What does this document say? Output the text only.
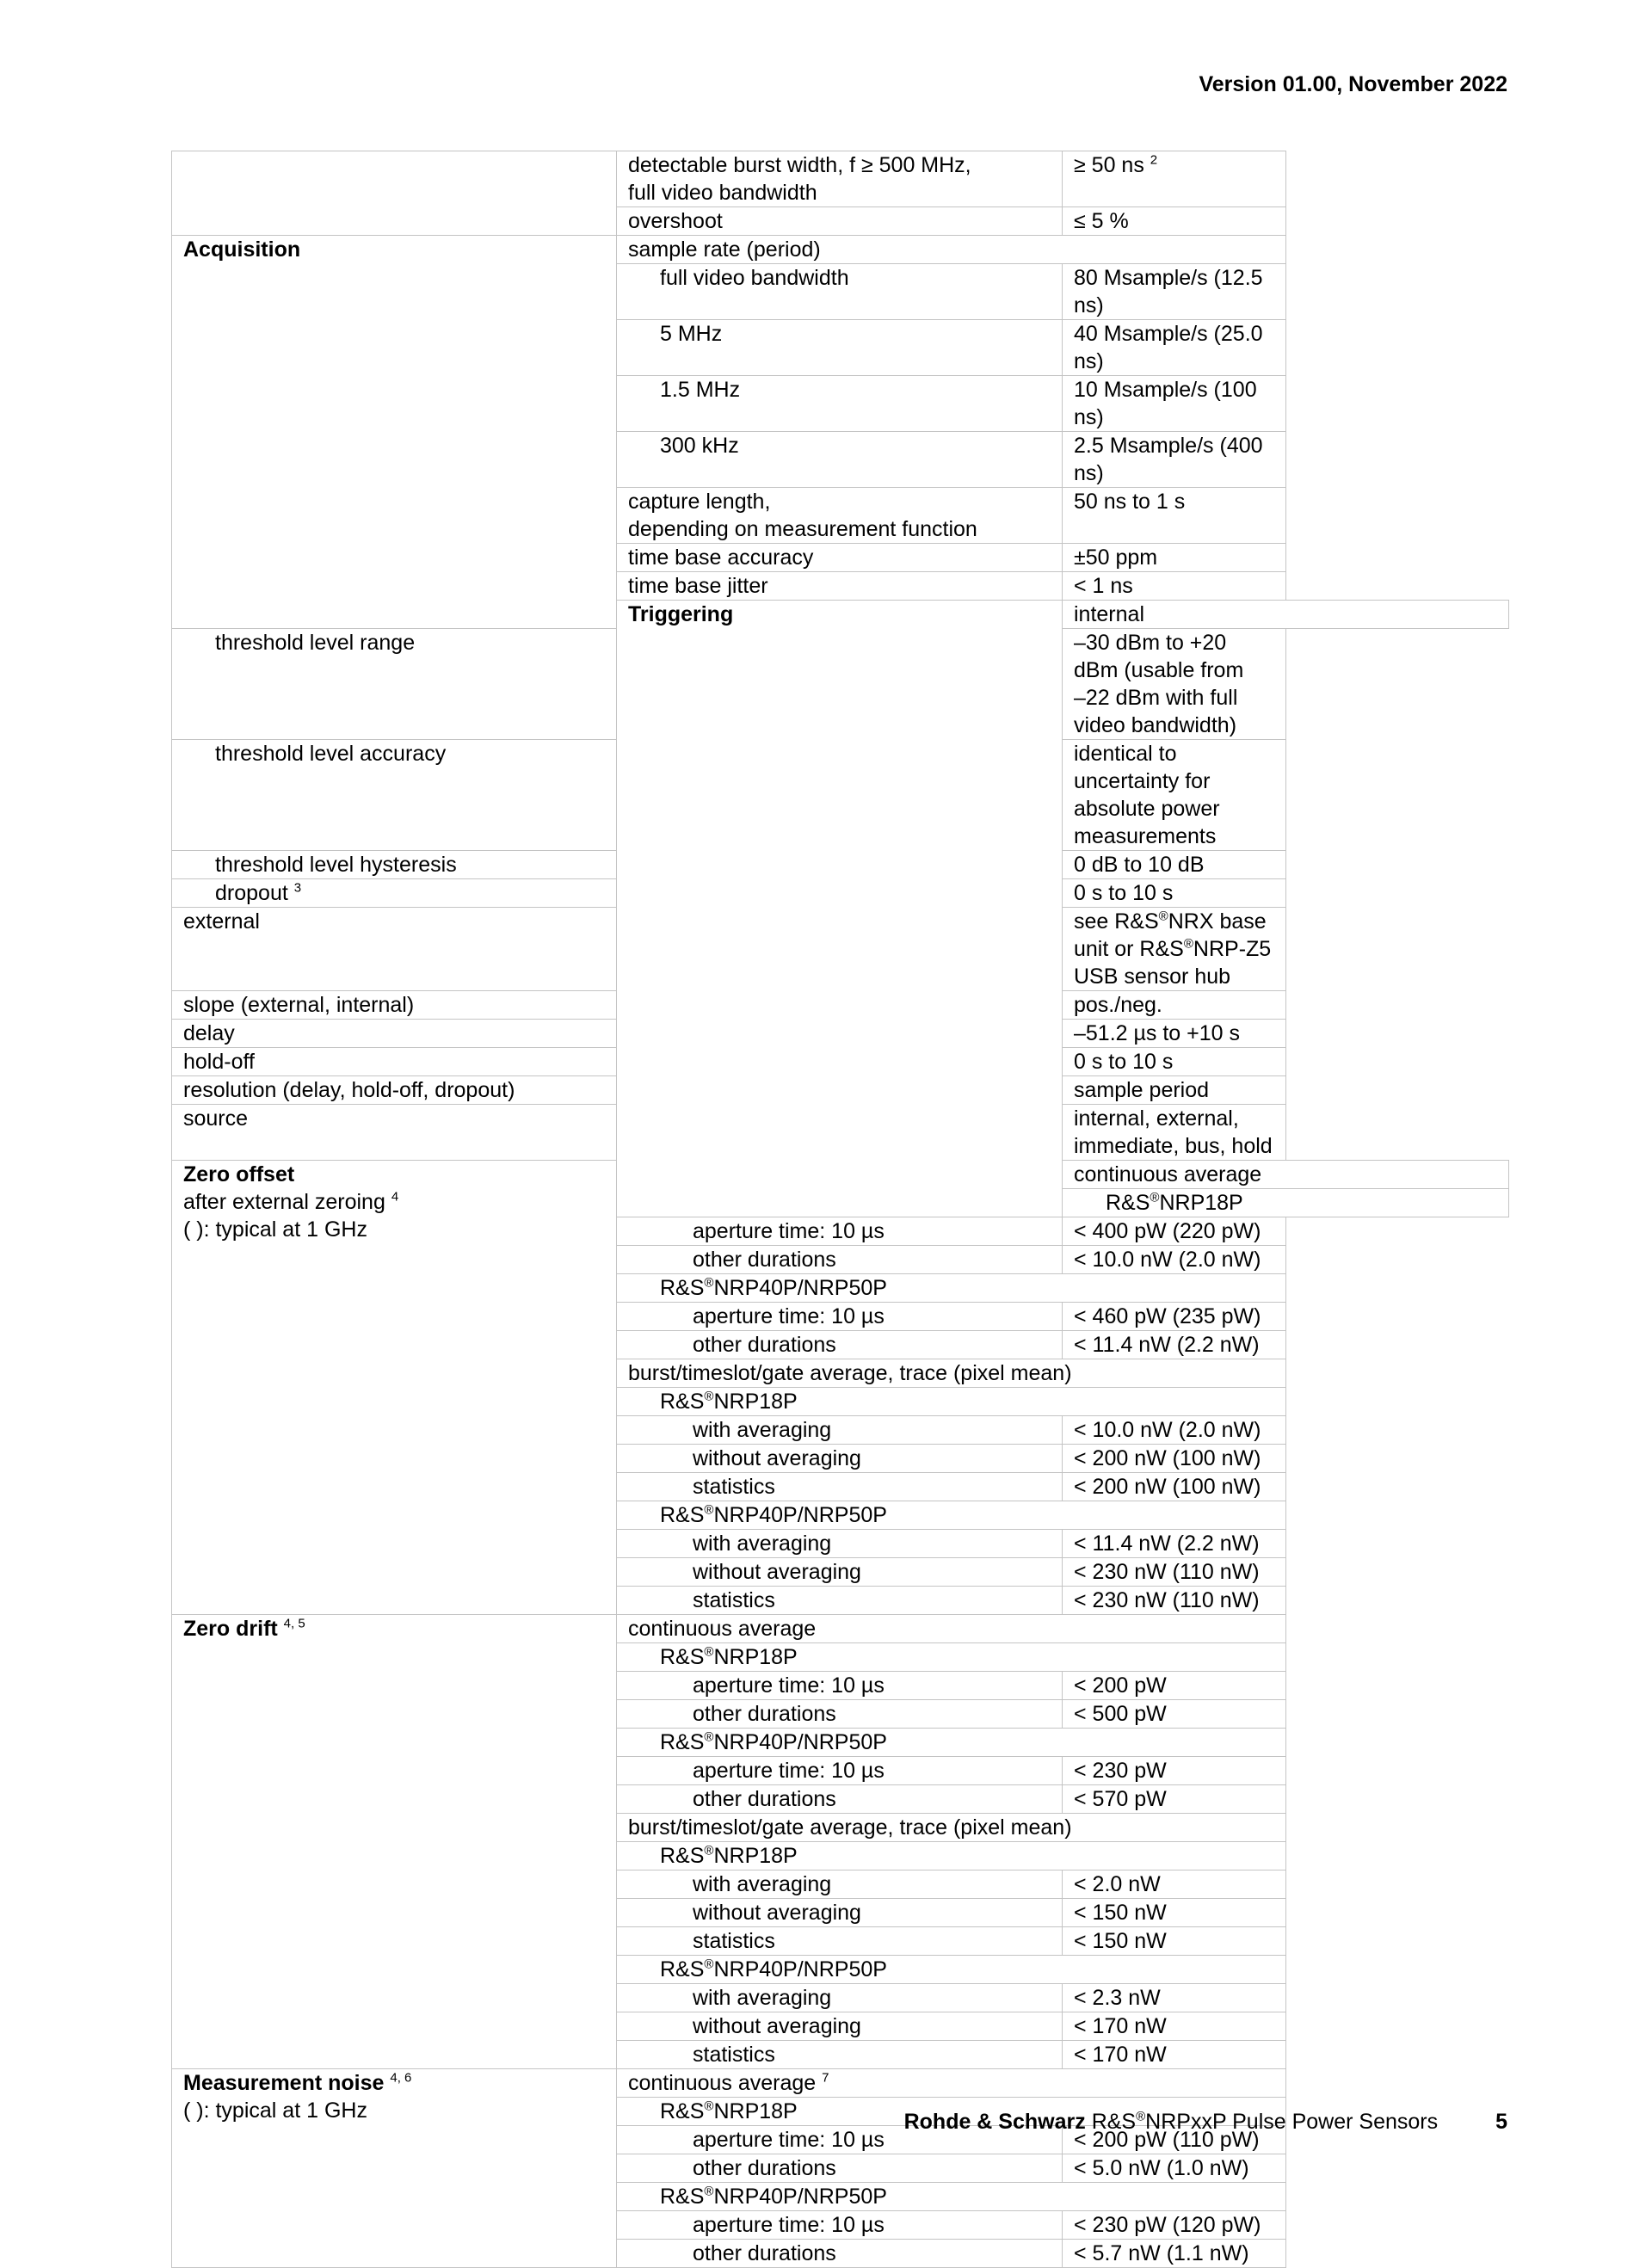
Version 01.00, November 2022
	detectable burst width, f ≥ 500 MHz,
full video bandwidth	≥ 50 ns $^2$
	overshoot	≤ 5 %
Acquisition	sample rate (period)	
	full video bandwidth	80 Msample/s (12.5 ns)
	5 MHz	40 Msample/s (25.0 ns)
	1.5 MHz	10 Msample/s (100 ns)
	300 kHz	2.5 Msample/s (400 ns)
	capture length,
depending on measurement function	50 ns to 1 s
	time base accuracy	±50 ppm
	time base jitter	< 1 ns
	Triggering	internal
threshold level range		–30 dBm to +20 dBm (usable from
–22 dBm with full video bandwidth)
threshold level accuracy		identical to uncertainty for absolute power
measurements
threshold level hysteresis		0 dB to 10 dB
dropout $^3$		0 s to 10 s
external		see R&S®NRX base unit or R&S®NRP-Z5
USB sensor hub
slope (external, internal)		pos./neg.
delay		–51.2 µs to +10 s
hold-off		0 s to 10 s
resolution (delay, hold-off, dropout)		sample period
source		internal, external, immediate, bus, hold
Zero offset
after external zeroing $^4$
( ): typical at 1 GHz		continuous average
		R&S®NRP18P
	aperture time: 10 µs	< 400 pW (220 pW)
	other durations	< 10.0 nW (2.0 nW)
	R&S®NRP40P/NRP50P	
	aperture time: 10 µs	< 460 pW (235 pW)
	other durations	< 11.4 nW (2.2 nW)
	burst/timeslot/gate average, trace (pixel mean)	
	R&S®NRP18P	
	with averaging	< 10.0 nW (2.0 nW)
	without averaging	< 200 nW (100 nW)
	statistics	< 200 nW (100 nW)
	R&S®NRP40P/NRP50P	
	with averaging	< 11.4 nW (2.2 nW)
	without averaging	< 230 nW (110 nW)
	statistics	< 230 nW (110 nW)
Zero drift $^{4, 5}$	continuous average	
	R&S®NRP18P	
	aperture time: 10 µs	< 200 pW
	other durations	< 500 pW
	R&S®NRP40P/NRP50P	
	aperture time: 10 µs	< 230 pW
	other durations	< 570 pW
	burst/timeslot/gate average, trace (pixel mean)	
	R&S®NRP18P	
	with averaging	< 2.0 nW
	without averaging	< 150 nW
	statistics	< 150 nW
	R&S®NRP40P/NRP50P	
	with averaging	< 2.3 nW
	without averaging	< 170 nW
	statistics	< 170 nW
Measurement noise $^{4, 6}$
( ): typical at 1 GHz	continuous average $^7$
	R&S®NRP18P	
	aperture time: 10 µs	< 200 pW (110 pW)
	other durations	< 5.0 nW (1.0 nW)
	R&S®NRP40P/NRP50P	
	aperture time: 10 µs	< 230 pW (120 pW)
	other durations	< 5.7 nW (1.1 nW)
Rohde & Schwarz R&S®NRPxxP Pulse Power Sensors	5
